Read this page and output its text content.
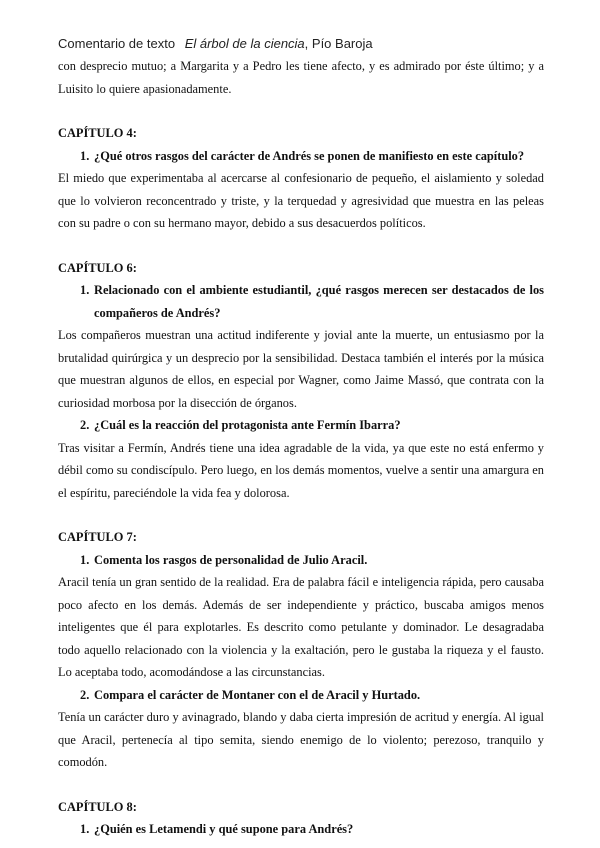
Comentario de texto El árbol de la ciencia, Pío Baroja

con desprecio mutuo; a Margarita y a Pedro les tiene afecto, y es admirado por éste último; y a Luisito lo quiere apasionadamente.

CAPÍTULO 4:
1. ¿Qué otros rasgos del carácter de Andrés se ponen de manifiesto en este capítulo?

El miedo que experimentaba al acercarse al confesionario de pequeño, el aislamiento y soledad que lo volvieron reconcentrado y triste, y la terquedad y agresividad que muestra en las peleas con su padre o con su hermano mayor, debido a sus desacuerdos políticos.

CAPÍTULO 6:
1. Relacionado con el ambiente estudiantil, ¿qué rasgos merecen ser destacados de los compañeros de Andrés?

Los compañeros muestran una actitud indiferente y jovial ante la muerte, un entusiasmo por la brutalidad quirúrgica y un desprecio por la sensibilidad. Destaca también el interés por la música que muestran algunos de ellos, en especial por Wagner, como Jaime Massó, que contrata con la curiosidad morbosa por la disección de órganos.

2. ¿Cuál es la reacción del protagonista ante Fermín Ibarra?

Tras visitar a Fermín, Andrés tiene una idea agradable de la vida, ya que este no está enfermo y débil como su condiscípulo. Pero luego, en los demás momentos, vuelve a sentir una amargura en el espíritu, pareciéndole la vida fea y dolorosa.

CAPÍTULO 7:
1. Comenta los rasgos de personalidad de Julio Aracil.

Aracil tenía un gran sentido de la realidad. Era de palabra fácil e inteligencia rápida, pero causaba poco afecto en los demás. Además de ser independiente y práctico, buscaba amigos menos inteligentes que él para explotarles. Es descrito como petulante y dominador. Le desagradaba todo aquello relacionado con la violencia y la exaltación, pero le gustaba la riqueza y el fausto. Lo aceptaba todo, acomodándose a las circunstancias.

2. Compara el carácter de Montaner con el de Aracil y Hurtado.

Tenía un carácter duro y avinagrado, blando y daba cierta impresión de acritud y energía. Al igual que Aracil, pertenecía al tipo semita, siendo enemigo de lo violento; perezoso, tranquilo y comodón.

CAPÍTULO 8:
1. ¿Quién es Letamendi y qué supone para Andrés?
